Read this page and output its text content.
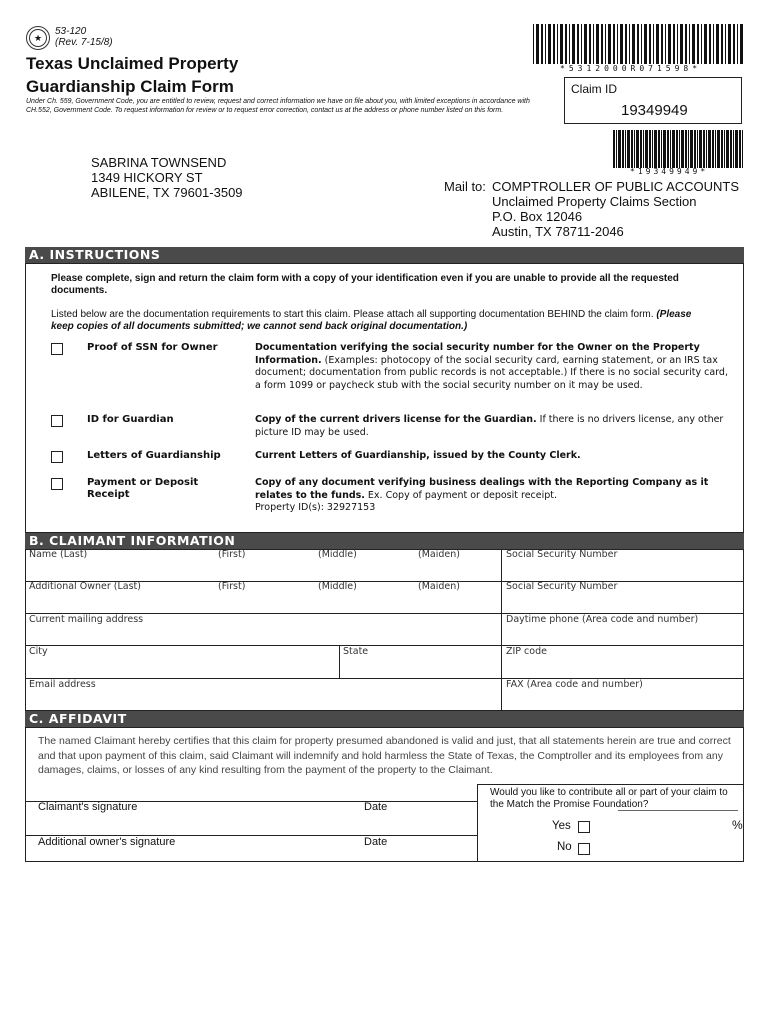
★
53-120
(Rev. 7-15/8)
Texas Unclaimed Property
Guardianship Claim Form
Under Ch. 559, Government Code, you are entitled to review, request and correct information we have on file about you, with limited exceptions in accordance with CH.552, Government Code. To request information for review or to request error correction, contact us at the address or phone number listed on this form.
*5312000R071598*
Claim ID
19349949
*19349949*
SABRINA TOWNSEND
1349 HICKORY ST
ABILENE, TX 79601-3509	Mail to: COMPTROLLER OF PUBLIC ACCOUNTS
Unclaimed Property Claims Section
P.O. Box 12046
Austin, TX 78711-2046
A. INSTRUCTIONS
Please complete, sign and return the claim form with a copy of your identification even if you are unable to provide all the requested documents.
Listed below are the documentation requirements to start this claim. Please attach all supporting documentation BEHIND the claim form. (Please keep copies of all documents submitted; we cannot send back original documentation.)
Proof of SSN for Owner	Documentation verifying the social security number for the Owner on the Property Information. (Examples: photocopy of the social security card, earning statement, or an IRS tax document; documentation from public records is not acceptable.) If there is no social security card, a form 1099 or paycheck stub with the social security number on it may be used.
ID for Guardian	Copy of the current drivers license for the Guardian. If there is no drivers license, any other picture ID may be used.
Letters of Guardianship	Current Letters of Guardianship, issued by the County Clerk.
Payment or Deposit Receipt
Copy of any document verifying business dealings with the Reporting Company as it relates to the funds. Ex. Copy of payment or deposit receipt.
Property ID(s): 32927153
B. CLAIMANT INFORMATION
Name (Last)	(First)	(Middle)	(Maiden)	Social Security Number
Additional Owner (Last)	(First)	(Middle)	(Maiden)	Social Security Number
Current mailing address	Daytime phone (Area code and number)
City	State	ZIP code
Email address	FAX (Area code and number)
C. AFFIDAVIT
The named Claimant hereby certifies that this claim for property presumed abandoned is valid and just, that all statements herein are true and correct and that upon payment of this claim, said Claimant will indemnify and hold harmless the State of Texas, the Comptroller and its employees from any damages, claims, or losses of any kind resulting from the payment of the property to the Claimant.
Claimant's signature	Date
Additional owner's signature	Date
Would you like to contribute all or part of your claim to the Match the Promise Foundation?
Yes	%
No
